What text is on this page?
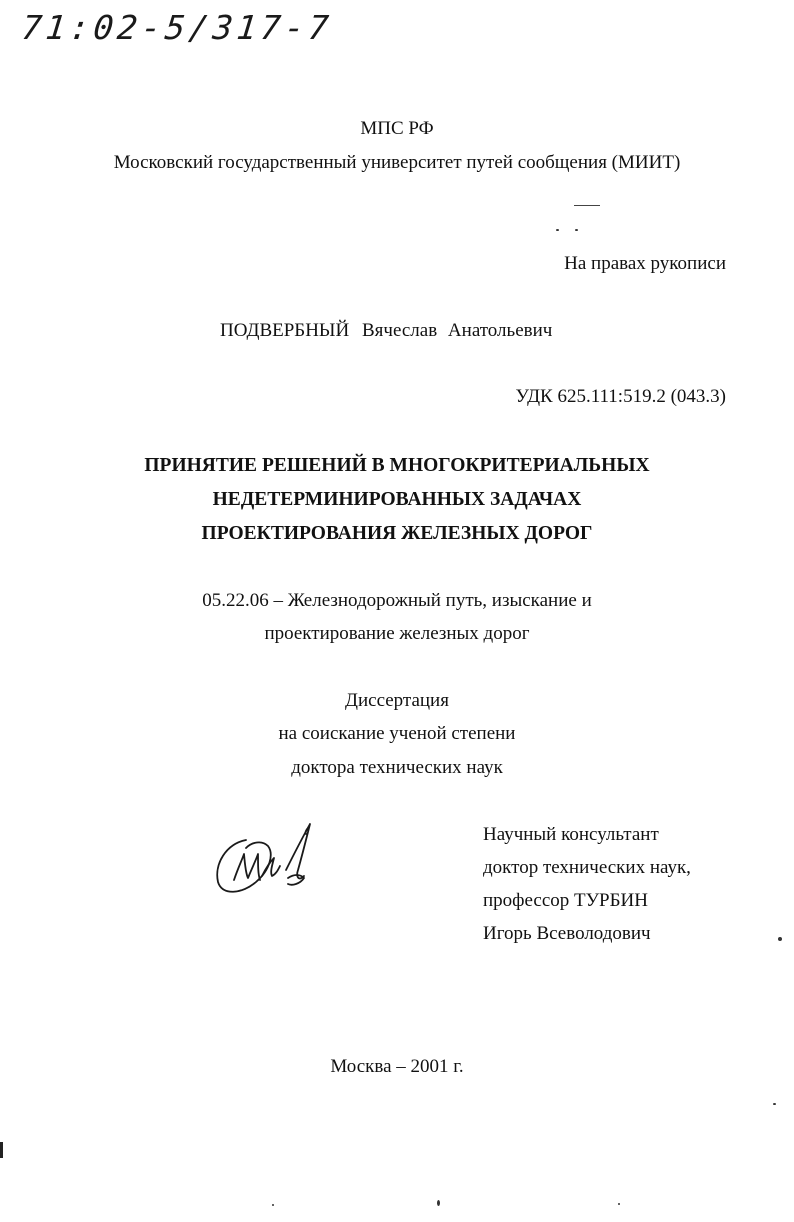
71:02-5/317-7
МПС РФ
Московский государственный университет путей сообщения (МИИТ)
На правах рукописи
ПОДВЕРБНЫЙ Вячеслав Анатольевич
УДК 625.111:519.2 (043.3)
ПРИНЯТИЕ РЕШЕНИЙ В МНОГОКРИТЕРИАЛЬНЫХ
НЕДЕТЕРМИНИРОВАННЫХ ЗАДАЧАХ
ПРОЕКТИРОВАНИЯ ЖЕЛЕЗНЫХ ДОРОГ
05.22.06 – Железнодорожный путь, изыскание и
проектирование железных дорог
Диссертация
на соискание ученой степени
доктора технических наук
Научный консультант
доктор технических наук,
профессор ТУРБИН
Игорь Всеволодович
Москва – 2001 г.
